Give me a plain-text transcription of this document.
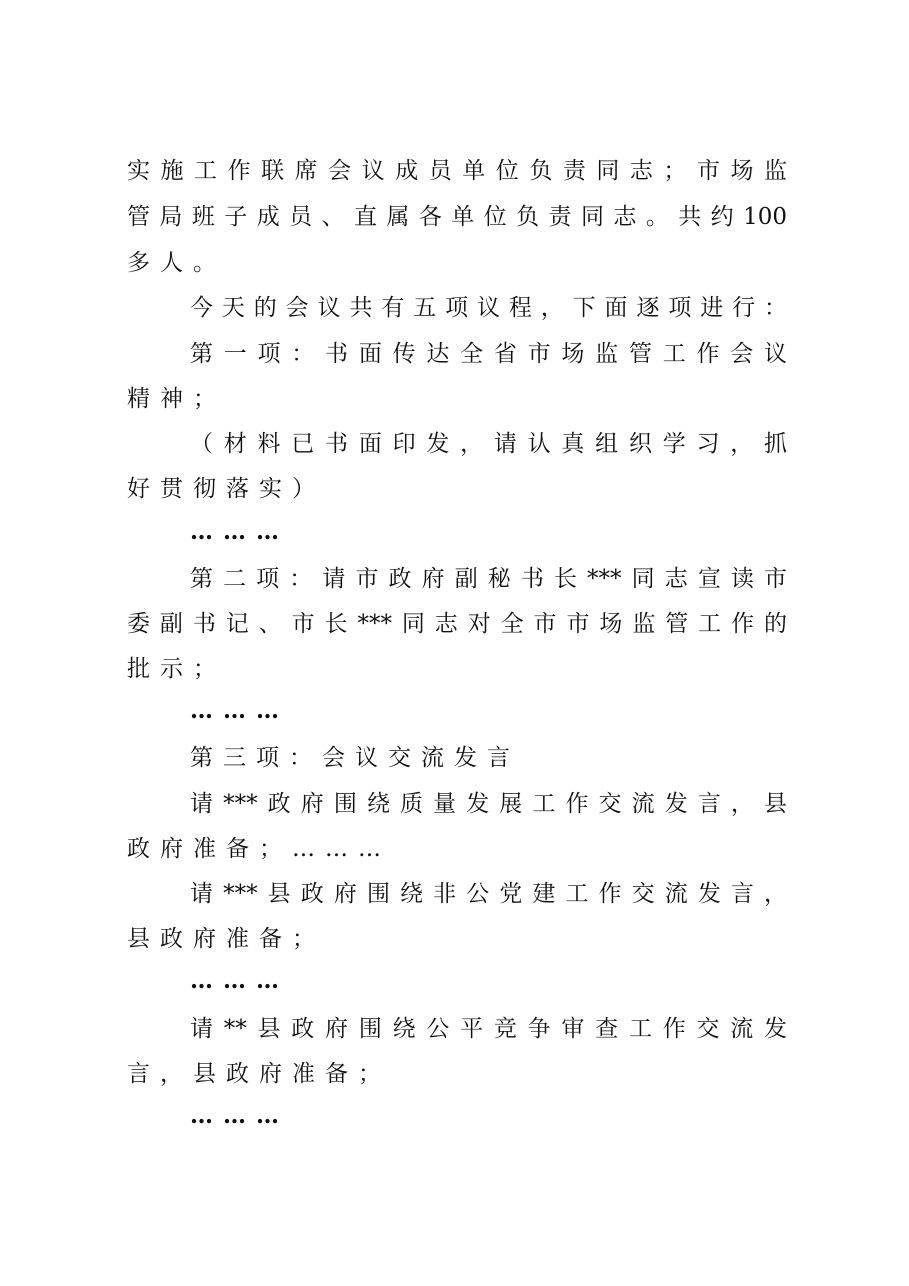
实施工作联席会议成员单位负责同志；市场监
管局班子成员、直属各单位负责同志。共约100
多人。
今天的会议共有五项议程，下面逐项进行：
第一项：书面传达全省市场监管工作会议
精神；
（材料已书面印发，请认真组织学习，抓
好贯彻落实）
………
第二项：请市政府副秘书长***同志宣读市
委副书记、市长***同志对全市市场监管工作的
批示；
………
第三项：会议交流发言
请***政府围绕质量发展工作交流发言，县
政府准备；………
请***县政府围绕非公党建工作交流发言，
县政府准备；
………
请**县政府围绕公平竞争审查工作交流发
言，县政府准备；
………
